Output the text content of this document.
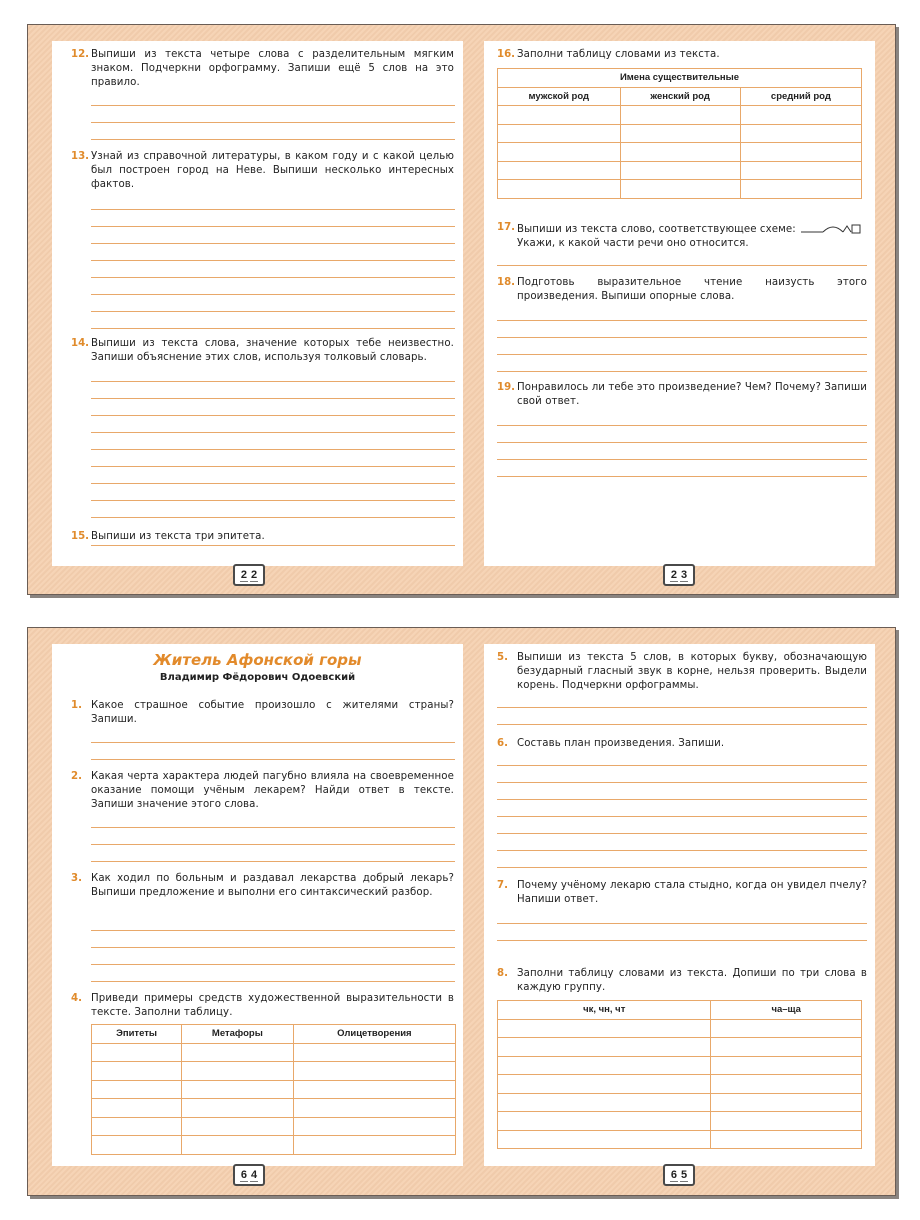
12. Выпиши из текста четыре слова с разделительным мягким знаком. Подчеркни орфограмму. Запиши ещё 5 слов на это правило.
13. Узнай из справочной литературы, в каком году и с какой целью был построен город на Неве. Выпиши несколько интересных фактов.
14. Выпиши из текста слова, значение которых тебе неизвестно. Запиши объяснение этих слов, используя толковый словарь.
15. Выпиши из текста три эпитета.
2 2
16. Заполни таблицу словами из текста.
Имена существительные		
мужской род	женский род	средний род

17. Выпиши из текста слово, соответствующее схеме:
Укажи, к какой части речи оно относится.
18. Подготовь выразительное чтение наизусть этого произведения. Выпиши опорные слова.
19. Понравилось ли тебе это произведение? Чем? Почему? Запиши свой ответ.
2 3
Житель Афонской горы
Владимир Фёдорович Одоевский
1. Какое страшное событие произошло с жителями страны? Запиши.
2. Какая черта характера людей пагубно влияла на своевременное оказание помощи учёным лекарем? Найди ответ в тексте. Запиши значение этого слова.
3. Как ходил по больным и раздавал лекарства добрый лекарь? Выпиши предложение и выполни его синтаксический разбор.
4. Приведи примеры средств художественной выразительности в тексте. Заполни таблицу.
Эпитеты	Метафоры	Олицетворения

6 4
5. Выпиши из текста 5 слов, в которых букву, обозначающую безударный гласный звук в корне, нельзя проверить. Выдели корень. Подчеркни орфограммы.
6. Составь план произведения. Запиши.
7. Почему учёному лекарю стала стыдно, когда он увидел пчелу? Напиши ответ.
8. Заполни таблицу словами из текста. Допиши по три слова в каждую группу.
чк, чн, чт	ча–ща

6 5
